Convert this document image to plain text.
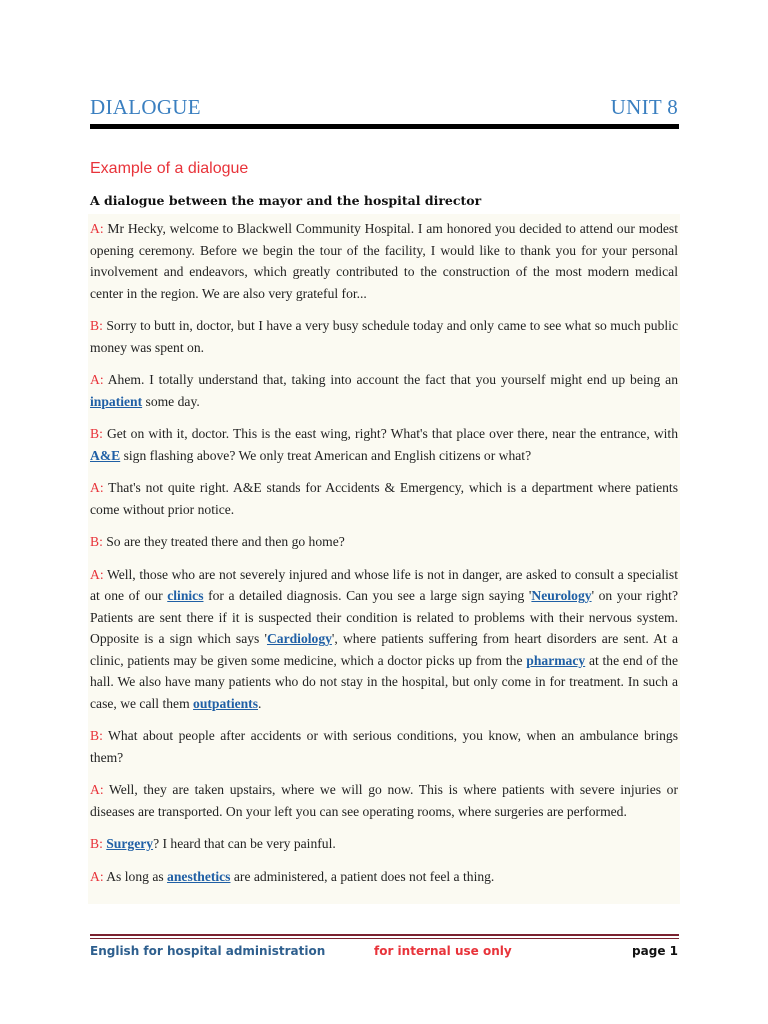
DIALOGUE	UNIT 8
Example of a dialogue
A dialogue between the mayor and the hospital director

A: Mr Hecky, welcome to Blackwell Community Hospital. I am honored you decided to attend our modest opening ceremony. Before we begin the tour of the facility, I would like to thank you for your personal involvement and endeavors, which greatly contributed to the construction of the most modern medical center in the region. We are also very grateful for...

B: Sorry to butt in, doctor, but I have a very busy schedule today and only came to see what so much public money was spent on.

A: Ahem. I totally understand that, taking into account the fact that you yourself might end up being an inpatient some day.

B: Get on with it, doctor. This is the east wing, right? What's that place over there, near the entrance, with A&E sign flashing above? We only treat American and English citizens or what?

A: That's not quite right. A&E stands for Accidents & Emergency, which is a department where patients come without prior notice.

B: So are they treated there and then go home?

A: Well, those who are not severely injured and whose life is not in danger, are asked to consult a specialist at one of our clinics for a detailed diagnosis. Can you see a large sign saying 'Neurology' on your right? Patients are sent there if it is suspected their condition is related to problems with their nervous system. Opposite is a sign which says 'Cardiology', where patients suffering from heart disorders are sent. At a clinic, patients may be given some medicine, which a doctor picks up from the pharmacy at the end of the hall. We also have many patients who do not stay in the hospital, but only come in for treatment. In such a case, we call them outpatients.

B: What about people after accidents or with serious conditions, you know, when an ambulance brings them?

A: Well, they are taken upstairs, where we will go now. This is where patients with severe injuries or diseases are transported. On your left you can see operating rooms, where surgeries are performed.

B: Surgery? I heard that can be very painful.

A: As long as anesthetics are administered, a patient does not feel a thing.

English for hospital administration	for internal use only	page 1
